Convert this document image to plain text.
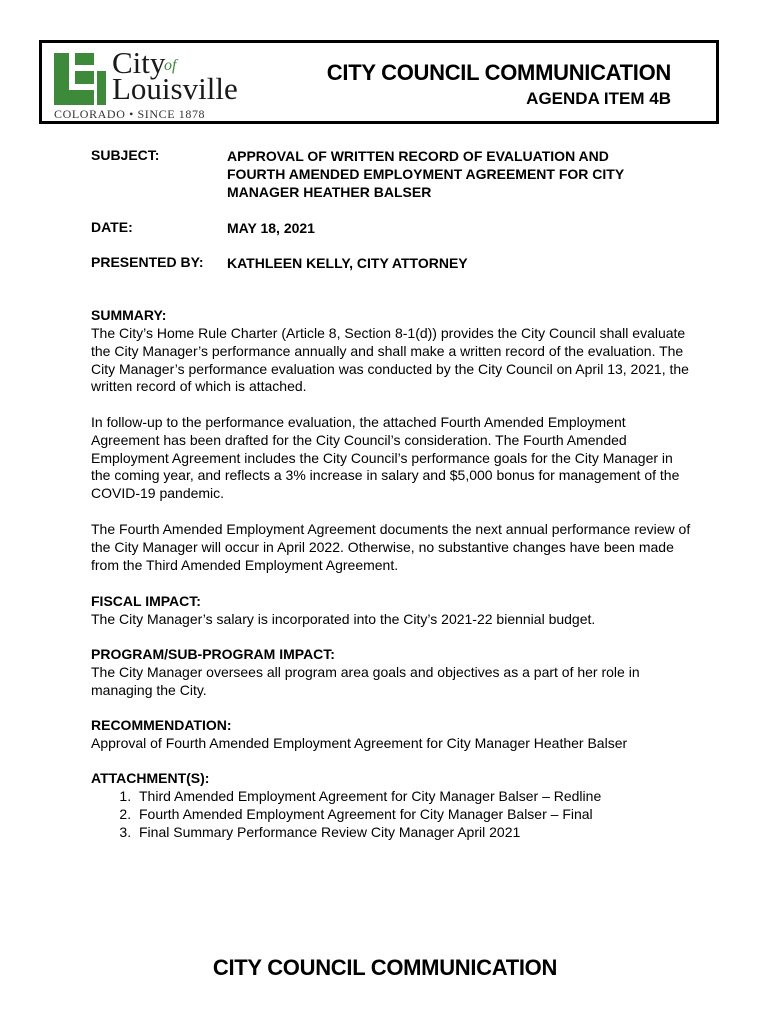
City
of
Louisville
COLORADO • SINCE 1878
CITY COUNCIL COMMUNICATION
AGENDA ITEM 4B
SUBJECT:	APPROVAL OF WRITTEN RECORD OF EVALUATION AND FOURTH AMENDED EMPLOYMENT AGREEMENT FOR CITY MANAGER HEATHER BALSER
DATE:	MAY 18, 2021
PRESENTED BY: KATHLEEN KELLY, CITY ATTORNEY
SUMMARY:
The City’s Home Rule Charter (Article 8, Section 8-1(d)) provides the City Council shall evaluate the City Manager’s performance annually and shall make a written record of the evaluation. The City Manager’s performance evaluation was conducted by the City Council on April 13, 2021, the written record of which is attached.
In follow-up to the performance evaluation, the attached Fourth Amended Employment Agreement has been drafted for the City Council’s consideration. The Fourth Amended Employment Agreement includes the City Council’s performance goals for the City Manager in the coming year, and reflects a 3% increase in salary and $5,000 bonus for management of the COVID-19 pandemic.
The Fourth Amended Employment Agreement documents the next annual performance review of the City Manager will occur in April 2022. Otherwise, no substantive changes have been made from the Third Amended Employment Agreement.
FISCAL IMPACT:
The City Manager’s salary is incorporated into the City’s 2021-22 biennial budget.
PROGRAM/SUB-PROGRAM IMPACT:
The City Manager oversees all program area goals and objectives as a part of her role in managing the City.
RECOMMENDATION:
Approval of Fourth Amended Employment Agreement for City Manager Heather Balser
ATTACHMENT(S):
1. Third Amended Employment Agreement for City Manager Balser – Redline
2. Fourth Amended Employment Agreement for City Manager Balser – Final
3. Final Summary Performance Review City Manager April 2021
CITY COUNCIL COMMUNICATION
